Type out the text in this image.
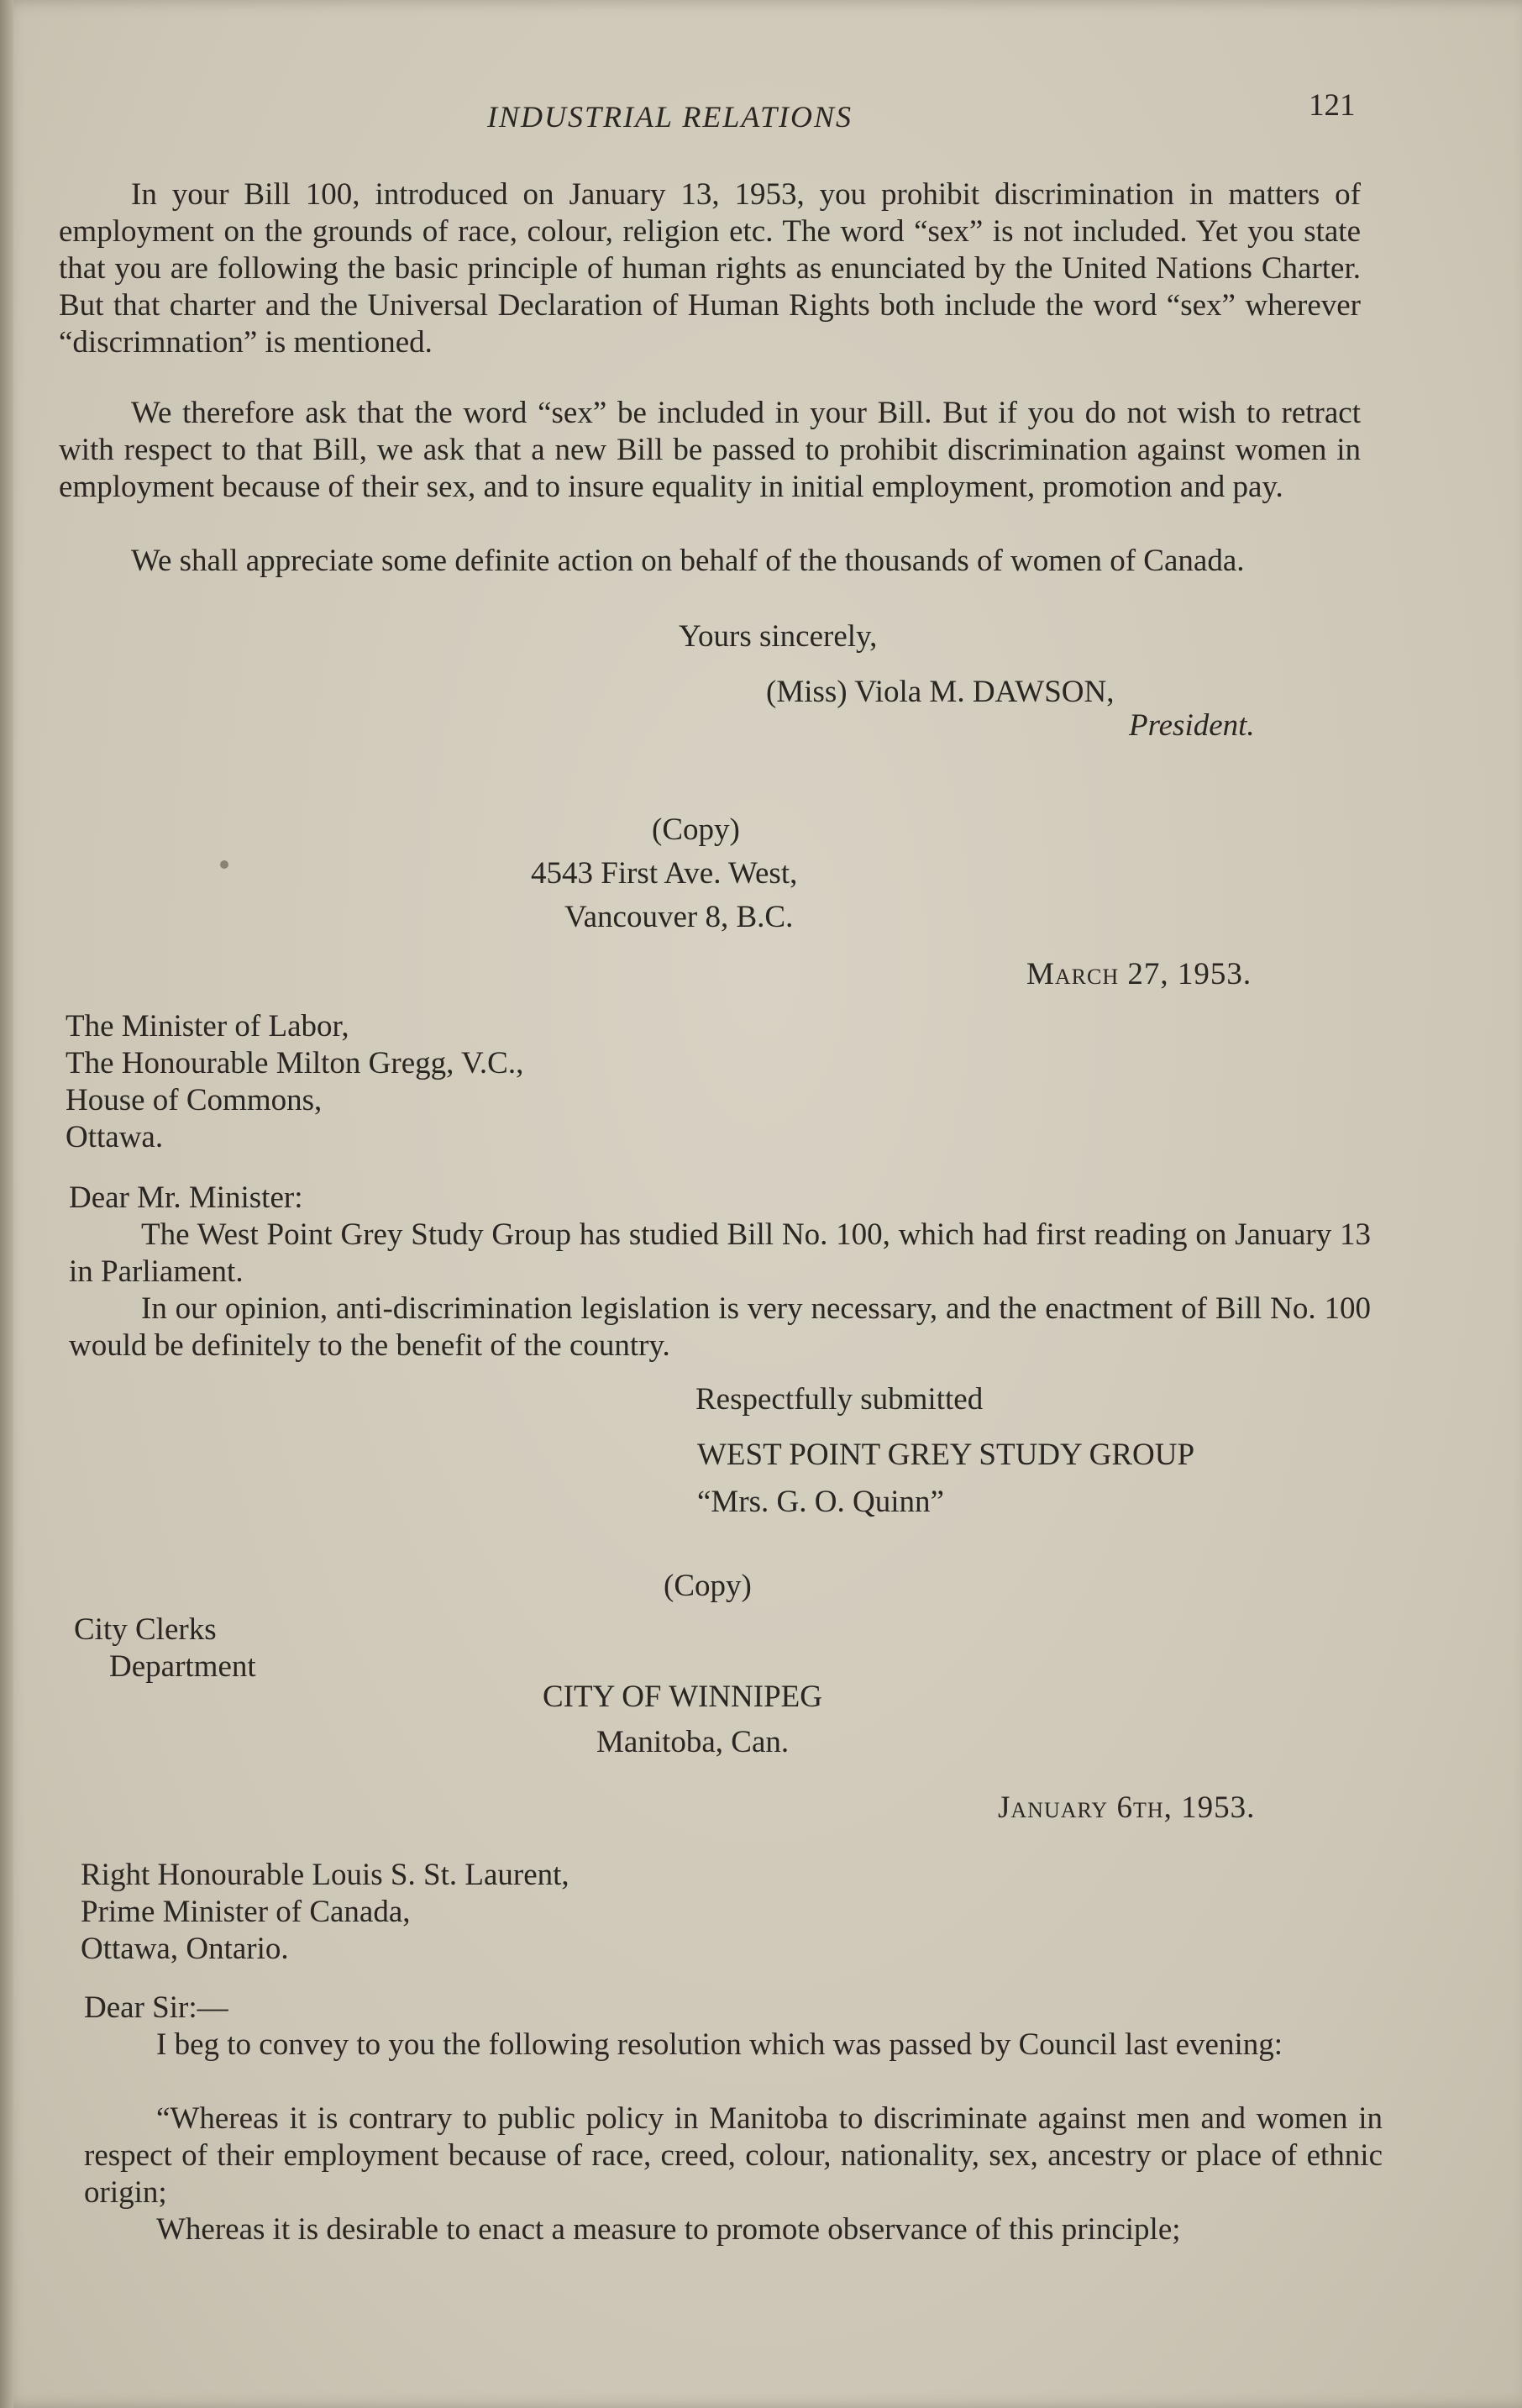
INDUSTRIAL RELATIONS	121
In your Bill 100, introduced on January 13, 1953, you prohibit discrimination in matters of employment on the grounds of race, colour, religion etc. The word “sex” is not included. Yet you state that you are following the basic principle of human rights as enunciated by the United Nations Charter. But that charter and the Universal Declaration of Human Rights both include the word “sex” wherever “discrimnation” is mentioned.
We therefore ask that the word “sex” be included in your Bill. But if you do not wish to retract with respect to that Bill, we ask that a new Bill be passed to prohibit discrimination against women in employment because of their sex, and to insure equality in initial employment, promotion and pay.
We shall appreciate some definite action on behalf of the thousands of women of Canada.
Yours sincerely,
(Miss) Viola M. DAWSON,
President.
(Copy)
4543 First Ave. West,
Vancouver 8, B.C.
March 27, 1953.
The Minister of Labor,
The Honourable Milton Gregg, V.C.,
House of Commons,
Ottawa.
Dear Mr. Minister:
The West Point Grey Study Group has studied Bill No. 100, which had first reading on January 13 in Parliament.
In our opinion, anti-discrimination legislation is very necessary, and the enactment of Bill No. 100 would be definitely to the benefit of the country.
Respectfully submitted
WEST POINT GREY STUDY GROUP
“Mrs. G. O. Quinn”
(Copy)
City Clerks
Department
CITY OF WINNIPEG
Manitoba, Can.
January 6th, 1953.
Right Honourable Louis S. St. Laurent,
Prime Minister of Canada,
Ottawa, Ontario.
Dear Sir:—
I beg to convey to you the following resolution which was passed by Council last evening:
“Whereas it is contrary to public policy in Manitoba to discriminate against men and women in respect of their employment because of race, creed, colour, nationality, sex, ancestry or place of ethnic origin;
Whereas it is desirable to enact a measure to promote observance of this principle;
